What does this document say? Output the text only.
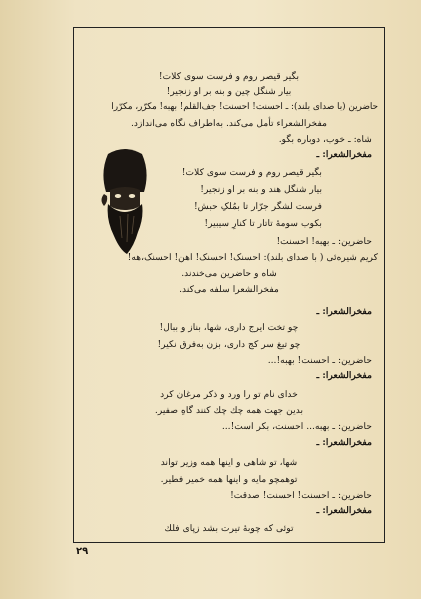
بگیر قیصر روم و فرست سوی کلات!
بیار شنگل چین و بنه بر او زنجیر!
حاضرین (با صدای بلند): ـ احسنت! احسنت! جف‌القلم! بهبه! مکرّر، مکرّرا
مفخرالشعراء تأمل می‌کند. به‌اطراف نگاه می‌اندازد.
شاه: ـ خوب، دوباره بگو.
مفخرالشعرا: ـ
بگیر قیصر روم و فرست سوی کلات!
بیار شنگل هند و بنه بر او زنجیر!
فرست لشگر جرّار تا بمُلکِ حبش!
بکوب سومهٔ تاتار تا کنارِ سیبیر!
حاضرین: ـ بهبه! احسنت!
کریم شیره‌ئی ( با صدای بلند): احسنک! احسنک! اهن! احسنک،هه!
شاه و حاضرین می‌خندند.
مفخرالشعرا سلفه می‌کند.
مفخرالشعرا: ـ
چو تخت ایرج داری، شها، بناز و ببال!
چو تیغ سر کج داری، بزن به‌فرق نکیر!
حاضرین: ـ احسنت! بهبه!...
مفخرالشعرا: ـ
خدای نام تو را ورد و ذکر مرغان کرد
بدین جهت همه چك چك کنند گاهِ صفیر.
حاضرین: ـ بهبه... احسنت، بکر است!...
مفخرالشعرا: ـ
شها، تو شاهی و اینها همه وزیر تواند
توهمچو مایه و اینها همه خمیر فطیر.
حاضرین: ـ احسنت! احسنت! صدقت!
مفخرالشعرا: ـ
توئی که چوبهٔ تیرت بشد زپای فلك
۲۹
